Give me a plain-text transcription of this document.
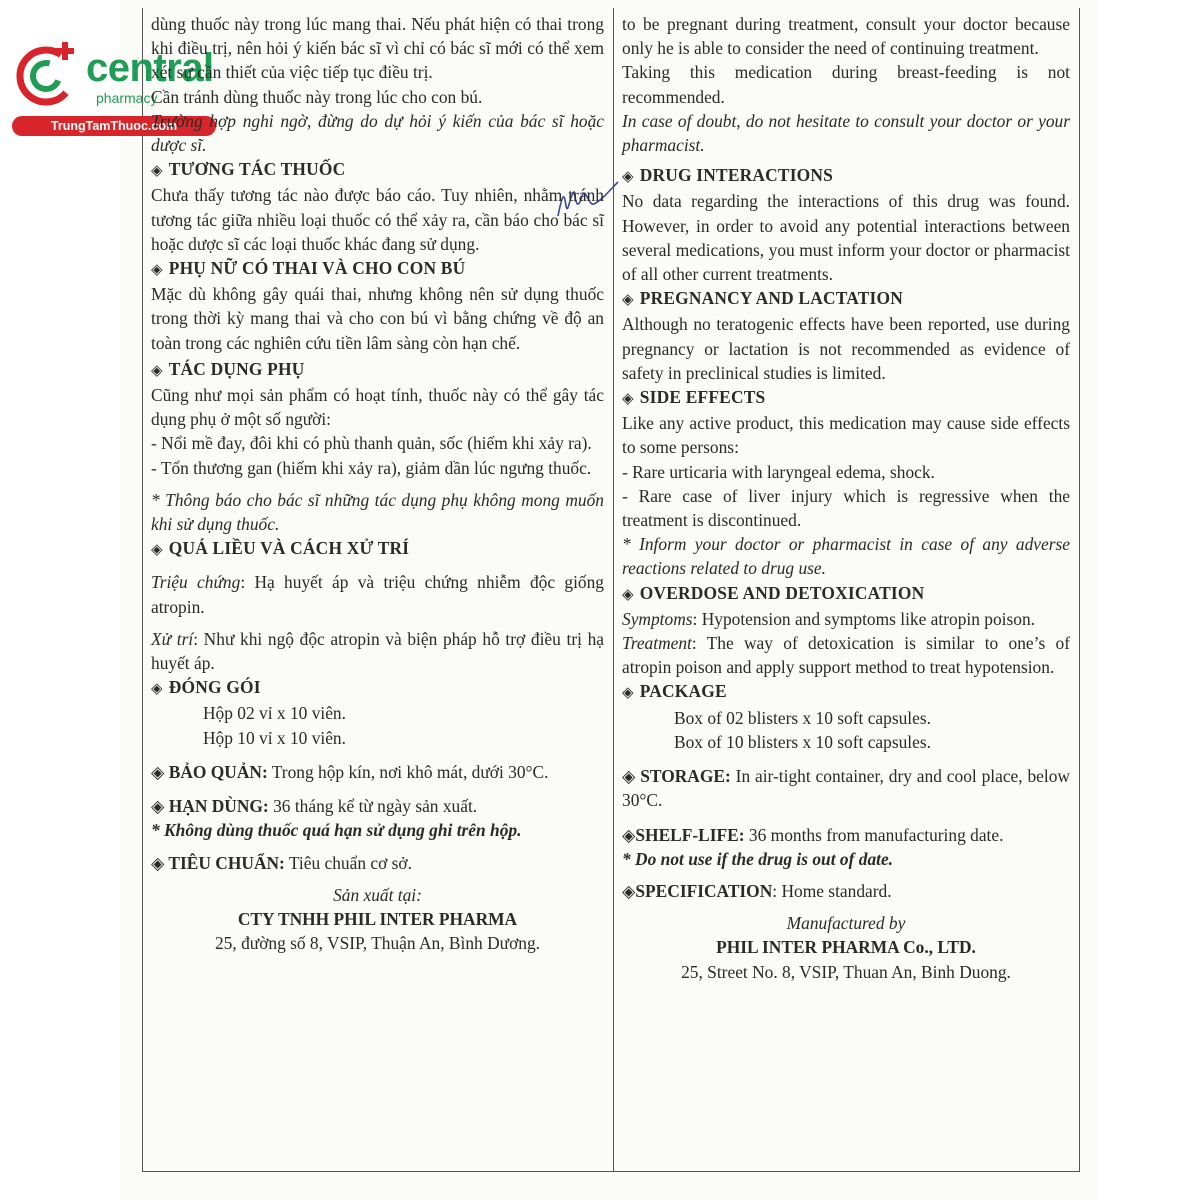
central
pharmacy
TrungTamThuoc.com

dùng thuốc này trong lúc mang thai. Nếu phát hiện có thai trong khi điều trị, nên hỏi ý kiến bác sĩ vì chỉ có bác sĩ mới có thể xem xét sự cần thiết của việc tiếp tục điều trị.

Cần tránh dùng thuốc này trong lúc cho con bú.

Trường hợp nghi ngờ, đừng do dự hỏi ý kiến của bác sĩ hoặc dược sĩ.

◈ TƯƠNG TÁC THUỐC

Chưa thấy tương tác nào được báo cáo. Tuy nhiên, nhằm tránh tương tác giữa nhiều loại thuốc có thể xảy ra, cần báo cho bác sĩ hoặc dược sĩ các loại thuốc khác đang sử dụng.

◈ PHỤ NỮ CÓ THAI VÀ CHO CON BÚ

Mặc dù không gây quái thai, nhưng không nên sử dụng thuốc trong thời kỳ mang thai và cho con bú vì bằng chứng về độ an toàn trong các nghiên cứu tiền lâm sàng còn hạn chế.

◈ TÁC DỤNG PHỤ

Cũng như mọi sản phẩm có hoạt tính, thuốc này có thể gây tác dụng phụ ở một số người:

- Nổi mề đay, đôi khi có phù thanh quản, sốc (hiếm khi xảy ra).

- Tổn thương gan (hiếm khi xảy ra), giảm dần lúc ngưng thuốc.

* Thông báo cho bác sĩ những tác dụng phụ không mong muốn khi sử dụng thuốc.

◈ QUÁ LIỀU VÀ CÁCH XỬ TRÍ

Triệu chứng: Hạ huyết áp và triệu chứng nhiễm độc giống atropin.

Xử trí: Như khi ngộ độc atropin và biện pháp hỗ trợ điều trị hạ huyết áp.

◈ ĐÓNG GÓI

Hộp 02 vỉ x 10 viên.

Hộp 10 vỉ x 10 viên.

◈ BẢO QUẢN: Trong hộp kín, nơi khô mát, dưới 30°C.

◈ HẠN DÙNG: 36 tháng kể từ ngày sản xuất.

* Không dùng thuốc quá hạn sử dụng ghi trên hộp.

◈ TIÊU CHUẨN: Tiêu chuẩn cơ sở.

Sản xuất tại:

CTY TNHH PHIL INTER PHARMA

25, đường số 8, VSIP, Thuận An, Bình Dương.

to be pregnant during treatment, consult your doctor because only he is able to consider the need of continuing treatment.

Taking this medication during breast-feeding is not recommended.

In case of doubt, do not hesitate to consult your doctor or your pharmacist.

◈ DRUG INTERACTIONS

No data regarding the interactions of this drug was found. However, in order to avoid any potential interactions between several medications, you must inform your doctor or pharmacist of all other current treatments.

◈ PREGNANCY AND LACTATION

Although no teratogenic effects have been reported, use during pregnancy or lactation is not recommended as evidence of safety in preclinical studies is limited.

◈ SIDE EFFECTS

Like any active product, this medication may cause side effects to some persons:

- Rare urticaria with laryngeal edema, shock.

- Rare case of liver injury which is regressive when the treatment is discontinued.

* Inform your doctor or pharmacist in case of any adverse reactions related to drug use.

◈ OVERDOSE AND DETOXICATION

Symptoms: Hypotension and symptoms like atropin poison.

Treatment: The way of detoxication is similar to one’s of atropin poison and apply support method to treat hypotension.

◈ PACKAGE

Box of 02 blisters x 10 soft capsules.

Box of 10 blisters x 10 soft capsules.

◈ STORAGE: In air-tight container, dry and cool place, below 30°C.

◈SHELF-LIFE: 36 months from manufacturing date.

* Do not use if the drug is out of date.

◈SPECIFICATION: Home standard.

Manufactured by

PHIL INTER PHARMA Co., LTD.

25, Street No. 8, VSIP, Thuan An, Binh Duong.
